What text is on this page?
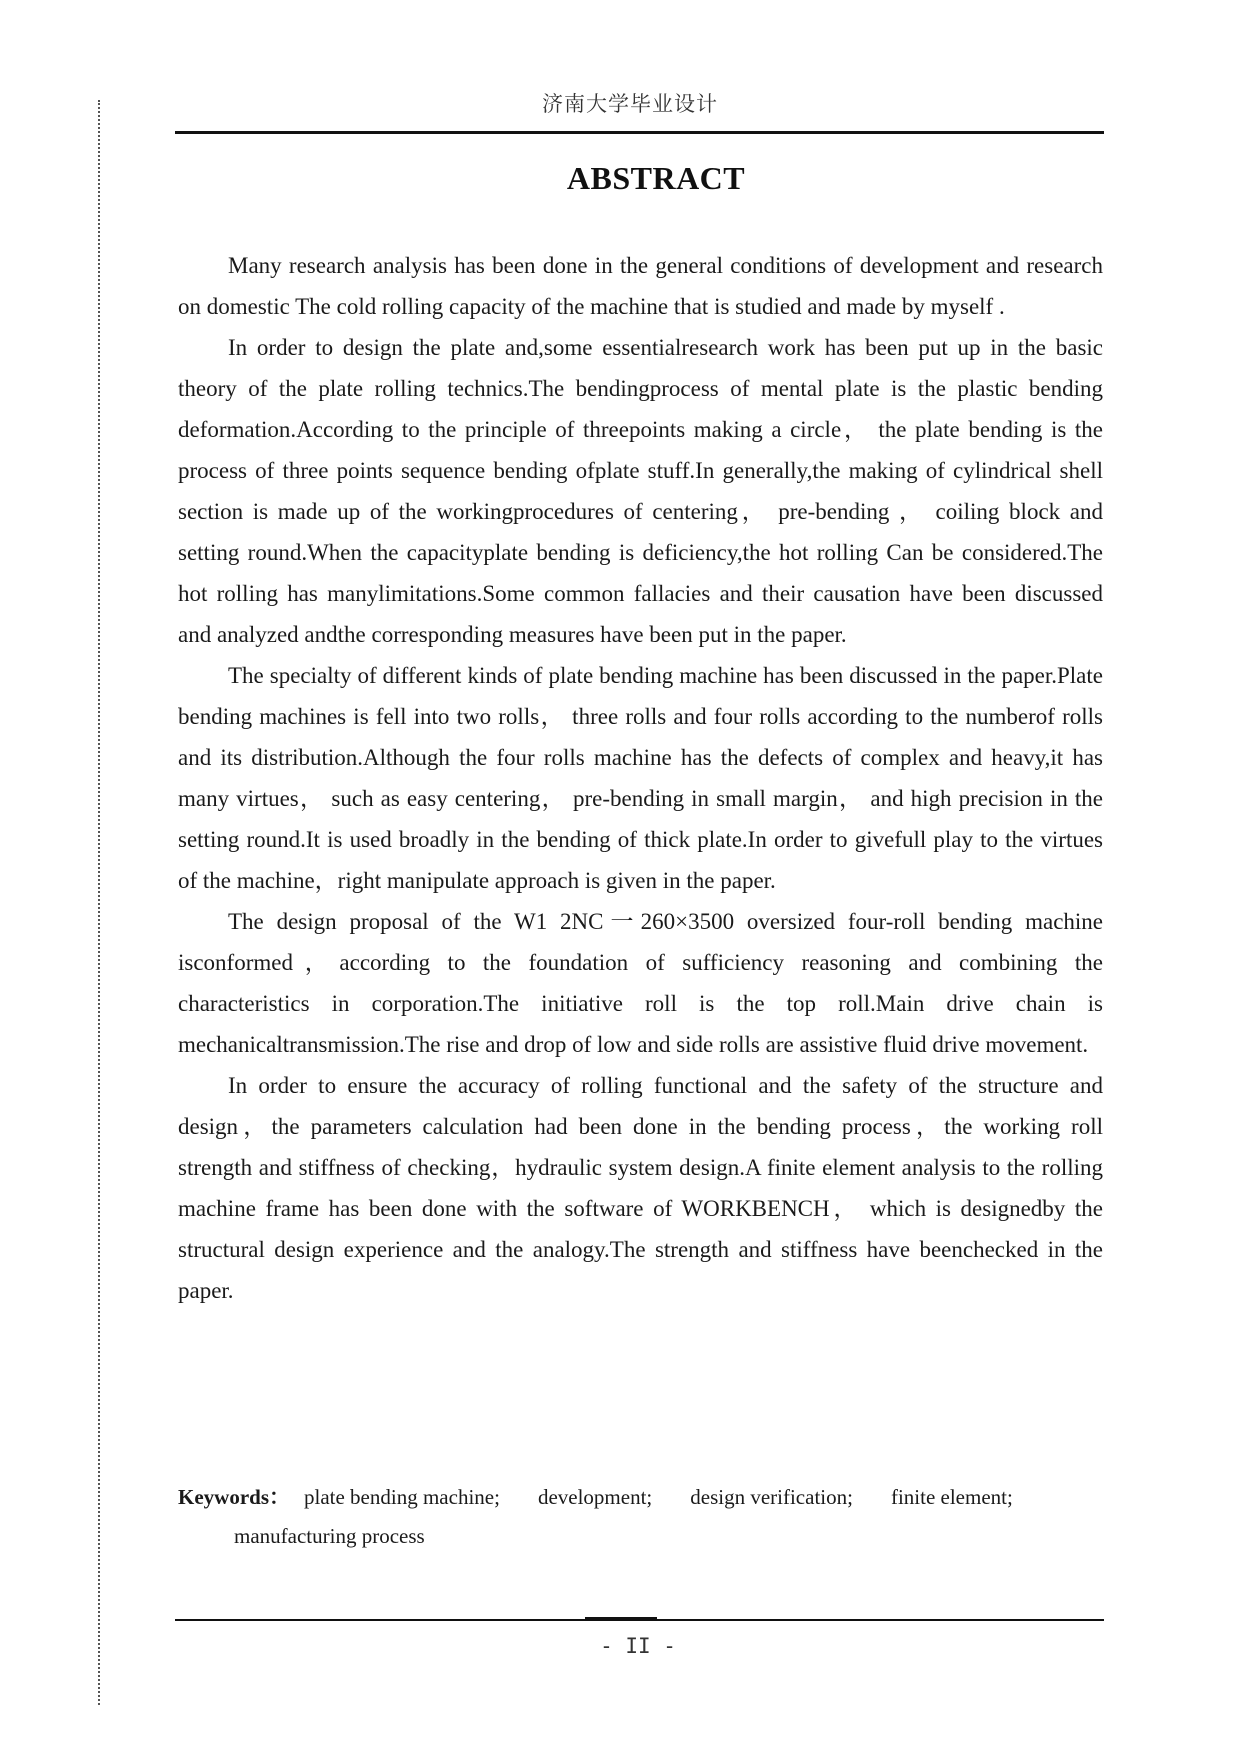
济南大学毕业设计
ABSTRACT

Many research analysis has been done in the general conditions of development and research on domestic The cold rolling capacity of the machine that is studied and made by myself .

In order to design the plate and,some essentialresearch work has been put up in the basic theory of the plate rolling technics.The bendingprocess of mental plate is the plastic bending deformation.According to the principle of threepoints making a circle， the plate bending is the process of three points sequence bending ofplate stuff.In generally,the making of cylindrical shell section is made up of the workingprocedures of centering， pre-bending ， coiling block and setting round.When the capacityplate bending is deficiency,the hot rolling Can be considered.The hot rolling has manylimitations.Some common fallacies and their causation have been discussed and analyzed andthe corresponding measures have been put in the paper.

The specialty of different kinds of plate bending machine has been discussed in the paper.Plate bending machines is fell into two rolls， three rolls and four rolls according to the numberof rolls and its distribution.Although the four rolls machine has the defects of complex and heavy,it has many virtues， such as easy centering， pre-bending in small margin， and high precision in the setting round.It is used broadly in the bending of thick plate.In order to givefull play to the virtues of the machine，right manipulate approach is given in the paper.

The design proposal of the W1 2NC一260×3500 oversized four-roll bending machine isconformed，according to the foundation of sufficiency reasoning and combining the characteristics in corporation.The initiative roll is the top roll.Main drive chain is mechanicaltransmission.The rise and drop of low and side rolls are assistive fluid drive movement.

In order to ensure the accuracy of rolling functional and the safety of the structure and design，the parameters calculation had been done in the bending process，the working roll strength and stiffness of checking，hydraulic system design.A finite element analysis to the rolling machine frame has been done with the software of WORKBENCH， which is designedby the structural design experience and the analogy.The strength and stiffness have beenchecked in the paper.

Keywords： plate bending machine; development; design verification; finite element;
manufacturing process
- II -
